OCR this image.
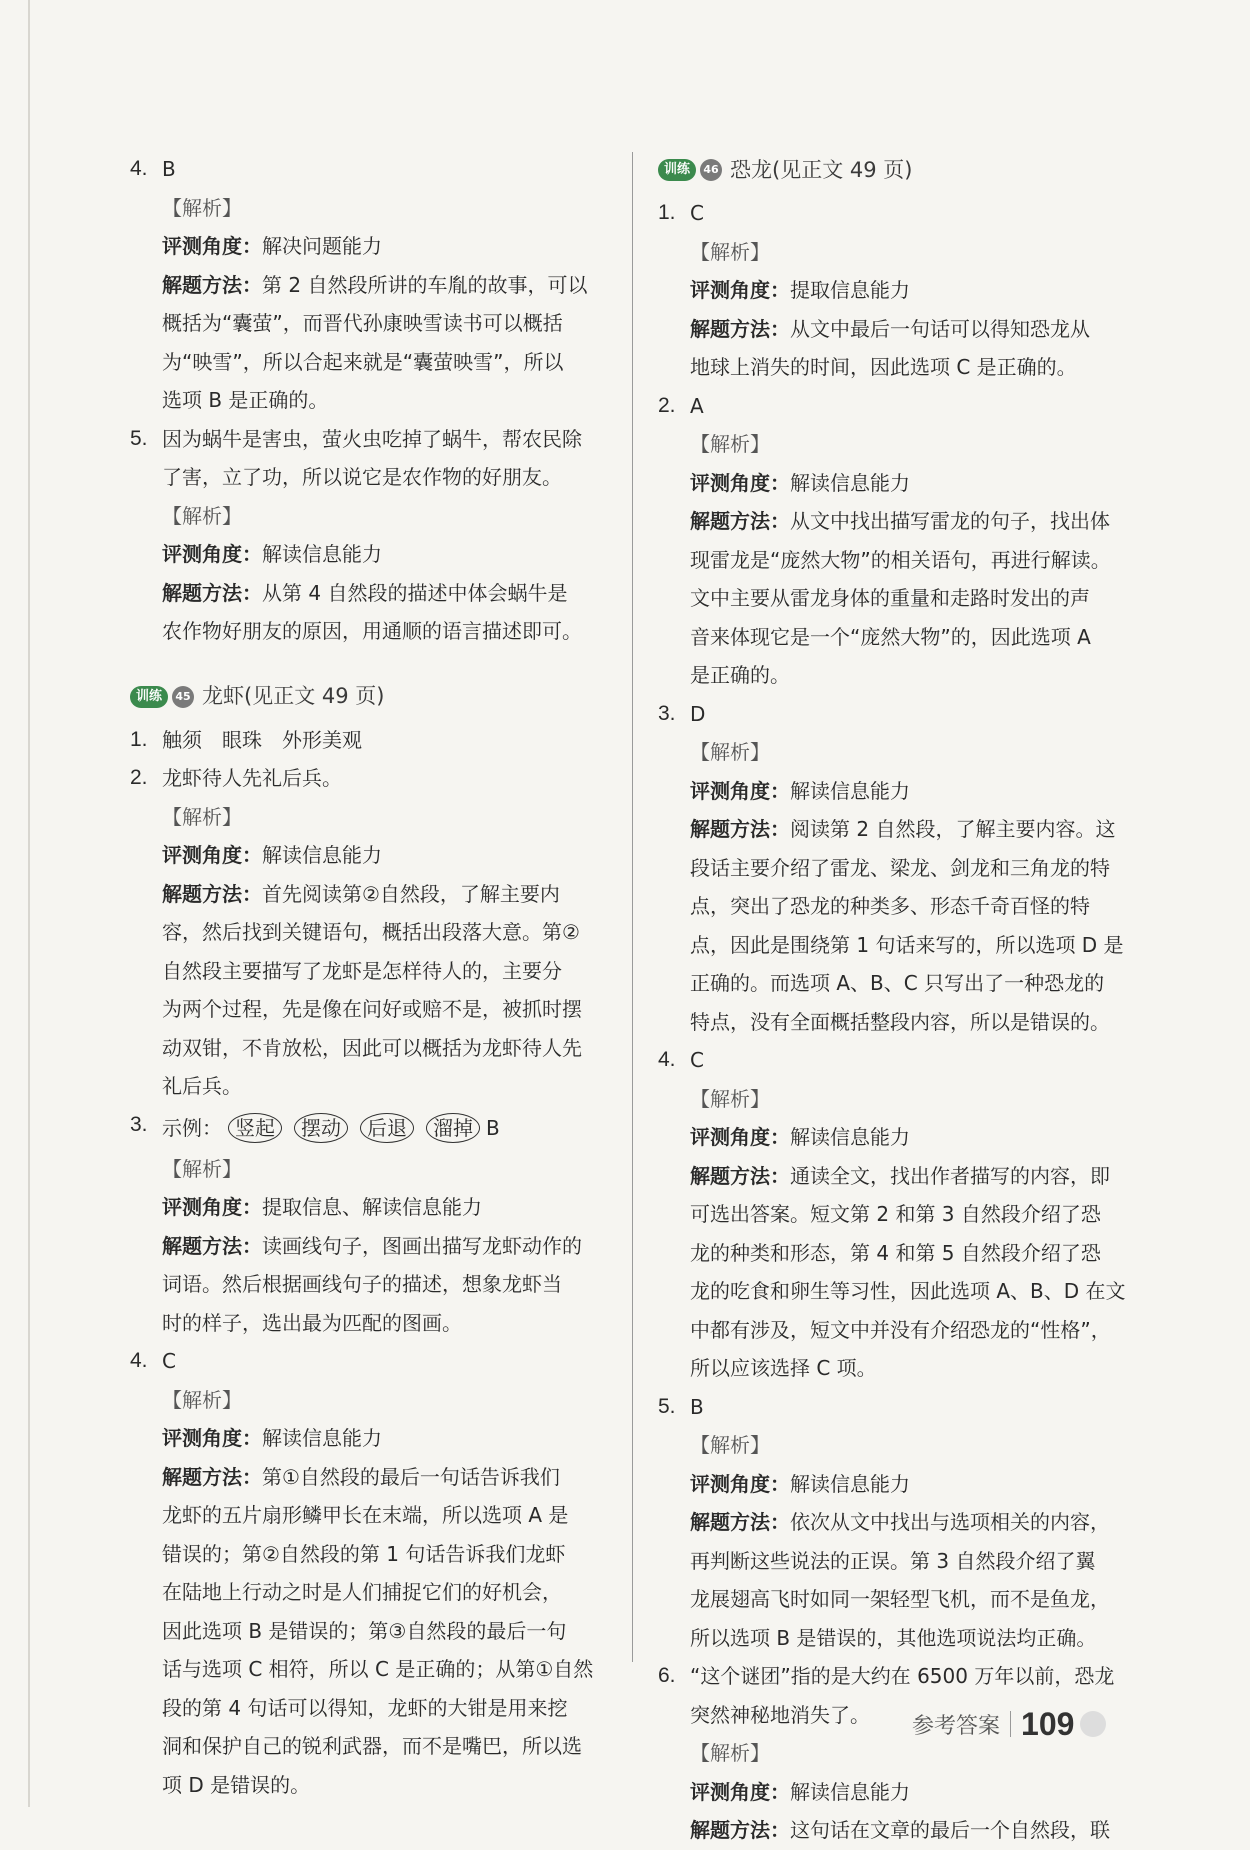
4. B
【解析】
评测角度：解决问题能力
解题方法：第 2 自然段所讲的车胤的故事，可以
概括为“囊萤”，而晋代孙康映雪读书可以概括
为“映雪”，所以合起来就是“囊萤映雪”，所以
选项 B 是正确的。
5. 因为蜗牛是害虫，萤火虫吃掉了蜗牛，帮农民除
了害，立了功，所以说它是农作物的好朋友。
【解析】
评测角度：解读信息能力
解题方法：从第 4 自然段的描述中体会蜗牛是
农作物好朋友的原因，用通顺的语言描述即可。
训练	45 龙虾(见正文 49 页)
1. 触须　眼珠　外形美观
2. 龙虾待人先礼后兵。
【解析】
评测角度：解读信息能力
解题方法：首先阅读第②自然段，了解主要内
容，然后找到关键语句，概括出段落大意。第②
自然段主要描写了龙虾是怎样待人的，主要分
为两个过程，先是像在问好或赔不是，被抓时摆
动双钳，不肯放松，因此可以概括为龙虾待人先
礼后兵。
3. 示例： 竖起 摆动 后退 溜掉 B
【解析】
评测角度：提取信息、解读信息能力
解题方法：读画线句子，图画出描写龙虾动作的
词语。然后根据画线句子的描述，想象龙虾当
时的样子，选出最为匹配的图画。
4. C
【解析】
评测角度：解读信息能力
解题方法：第①自然段的最后一句话告诉我们
龙虾的五片扇形鳞甲长在末端，所以选项 A 是
错误的；第②自然段的第 1 句话告诉我们龙虾
在陆地上行动之时是人们捕捉它们的好机会，
因此选项 B 是错误的；第③自然段的最后一句
话与选项 C 相符，所以 C 是正确的；从第①自然
段的第 4 句话可以得知，龙虾的大钳是用来挖
洞和保护自己的锐利武器，而不是嘴巴，所以选
项 D 是错误的。
训练	46 恐龙(见正文 49 页)
1. C
【解析】
评测角度：提取信息能力
解题方法：从文中最后一句话可以得知恐龙从
地球上消失的时间，因此选项 C 是正确的。
2. A
【解析】
评测角度：解读信息能力
解题方法：从文中找出描写雷龙的句子，找出体
现雷龙是“庞然大物”的相关语句，再进行解读。
文中主要从雷龙身体的重量和走路时发出的声
音来体现它是一个“庞然大物”的，因此选项 A
是正确的。
3. D
【解析】
评测角度：解读信息能力
解题方法：阅读第 2 自然段，了解主要内容。这
段话主要介绍了雷龙、梁龙、剑龙和三角龙的特
点，突出了恐龙的种类多、形态千奇百怪的特
点，因此是围绕第 1 句话来写的，所以选项 D 是
正确的。而选项 A、B、C 只写出了一种恐龙的
特点，没有全面概括整段内容，所以是错误的。
4. C
【解析】
评测角度：解读信息能力
解题方法：通读全文，找出作者描写的内容，即
可选出答案。短文第 2 和第 3 自然段介绍了恐
龙的种类和形态，第 4 和第 5 自然段介绍了恐
龙的吃食和卵生等习性，因此选项 A、B、D 在文
中都有涉及，短文中并没有介绍恐龙的“性格”，
所以应该选择 C 项。
5. B
【解析】
评测角度：解读信息能力
解题方法：依次从文中找出与选项相关的内容，
再判断这些说法的正误。第 3 自然段介绍了翼
龙展翅高飞时如同一架轻型飞机，而不是鱼龙，
所以选项 B 是错误的，其他选项说法均正确。
6. “这个谜团”指的是大约在 6500 万年以前，恐龙
突然神秘地消失了。
【解析】
评测角度：解读信息能力
解题方法：这句话在文章的最后一个自然段，联
参考答案 109
